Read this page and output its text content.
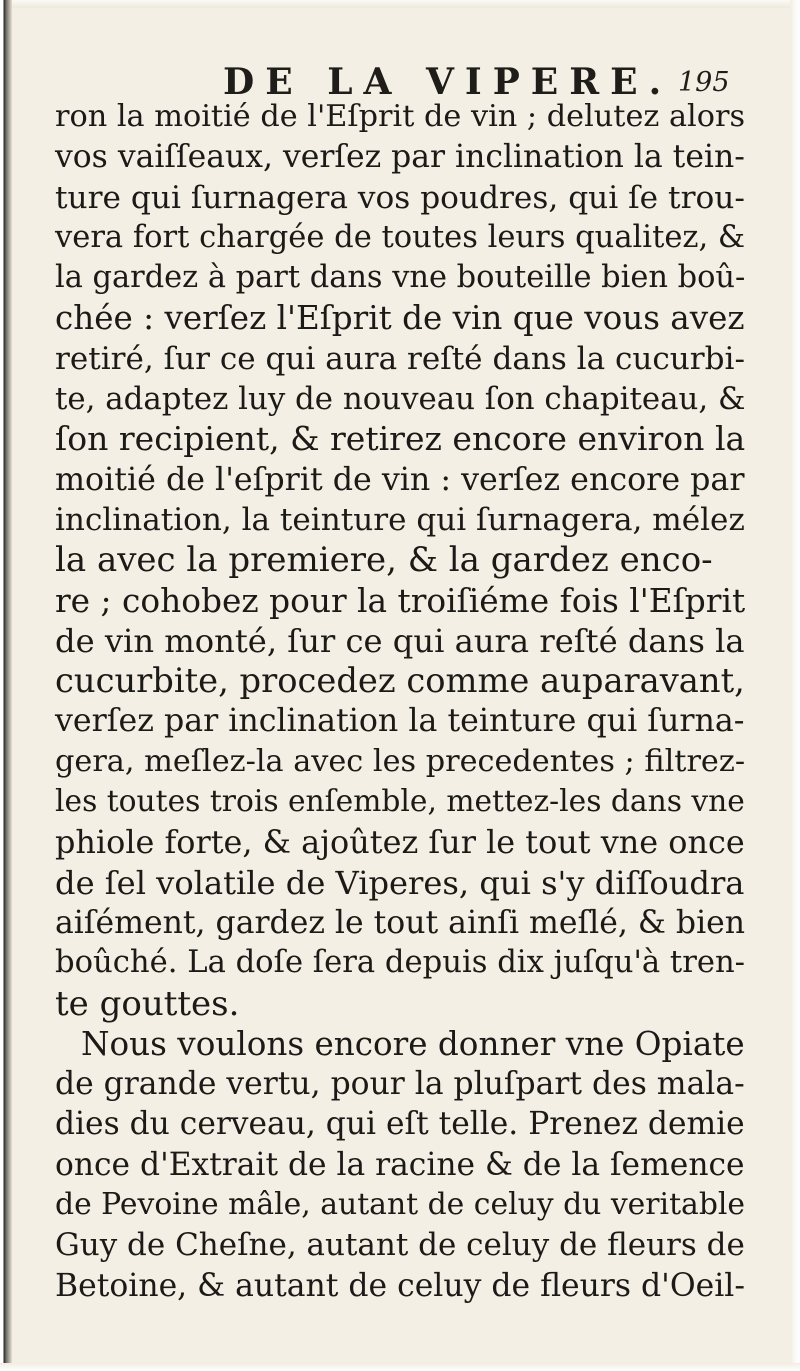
DE LA VIPERE. 195
ron la moitié de l'Eſprit de vin ; delutez alors
vos vaiſſeaux, verſez par inclination la tein-
ture qui ſurnagera vos poudres, qui ſe trou-
vera fort chargée de toutes leurs qualitez, &
la gardez à part dans vne bouteille bien boû-
chée : verſez l'Eſprit de vin que vous avez
retiré, ſur ce qui aura reſté dans la cucurbi-
te, adaptez luy de nouveau ſon chapiteau, &
ſon recipient, & retirez encore environ la
moitié de l'eſprit de vin : verſez encore par
inclination, la teinture qui ſurnagera, mélez
la avec la premiere, & la gardez enco-
re ; cohobez pour la troiſiéme fois l'Eſprit
de vin monté, ſur ce qui aura reſté dans la
cucurbite, procedez comme auparavant,
verſez par inclination la teinture qui ſurna-
gera, meſlez-la avec les precedentes ; filtrez-
les toutes trois enſemble, mettez-les dans vne
phiole forte, & ajoûtez ſur le tout vne once
de ſel volatile de Viperes, qui s'y diſſoudra
aiſément, gardez le tout ainſi meſlé, & bien
boûché. La doſe ſera depuis dix juſqu'à tren-
te gouttes.
Nous voulons encore donner vne Opiate
de grande vertu, pour la pluſpart des mala-
dies du cerveau, qui eſt telle. Prenez demie
once d'Extrait de la racine & de la ſemence
de Pevoine mâle, autant de celuy du veritable
Guy de Cheſne, autant de celuy de fleurs de
Betoine, & autant de celuy de fleurs d'Oeil-
